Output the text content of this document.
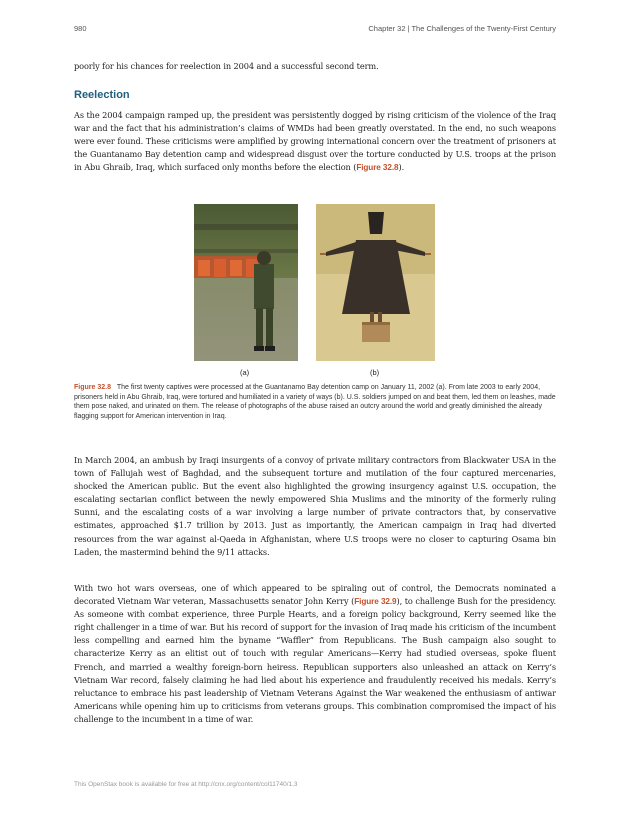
980	Chapter 32 | The Challenges of the Twenty-First Century

poorly for his chances for reelection in 2004 and a successful second term.

Reelection

As the 2004 campaign ramped up, the president was persistently dogged by rising criticism of the violence of the Iraq war and the fact that his administration’s claims of WMDs had been greatly overstated. In the end, no such weapons were ever found. These criticisms were amplified by growing international concern over the treatment of prisoners at the Guantanamo Bay detention camp and widespread disgust over the torture conducted by U.S. troops at the prison in Abu Ghraib, Iraq, which surfaced only months before the election (Figure 32.8).

(a)	(b)

Figure 32.8 The first twenty captives were processed at the Guantanamo Bay detention camp on January 11, 2002 (a). From late 2003 to early 2004, prisoners held in Abu Ghraib, Iraq, were tortured and humiliated in a variety of ways (b). U.S. soldiers jumped on and beat them, led them on leashes, made them pose naked, and urinated on them. The release of photographs of the abuse raised an outcry around the world and greatly diminished the already flagging support for American intervention in Iraq.

In March 2004, an ambush by Iraqi insurgents of a convoy of private military contractors from Blackwater USA in the town of Fallujah west of Baghdad, and the subsequent torture and mutilation of the four captured mercenaries, shocked the American public. But the event also highlighted the growing insurgency against U.S. occupation, the escalating sectarian conflict between the newly empowered Shia Muslims and the minority of the formerly ruling Sunni, and the escalating costs of a war involving a large number of private contractors that, by conservative estimates, approached $1.7 trillion by 2013. Just as importantly, the American campaign in Iraq had diverted resources from the war against al-Qaeda in Afghanistan, where U.S troops were no closer to capturing Osama bin Laden, the mastermind behind the 9/11 attacks.

With two hot wars overseas, one of which appeared to be spiraling out of control, the Democrats nominated a decorated Vietnam War veteran, Massachusetts senator John Kerry (Figure 32.9), to challenge Bush for the presidency. As someone with combat experience, three Purple Hearts, and a foreign policy background, Kerry seemed like the right challenger in a time of war. But his record of support for the invasion of Iraq made his criticism of the incumbent less compelling and earned him the byname “Waffler” from Republicans. The Bush campaign also sought to characterize Kerry as an elitist out of touch with regular Americans—Kerry had studied overseas, spoke fluent French, and married a wealthy foreign-born heiress. Republican supporters also unleashed an attack on Kerry’s Vietnam War record, falsely claiming he had lied about his experience and fraudulently received his medals. Kerry’s reluctance to embrace his past leadership of Vietnam Veterans Against the War weakened the enthusiasm of antiwar Americans while opening him up to criticisms from veterans groups. This combination compromised the impact of his challenge to the incumbent in a time of war.

This OpenStax book is available for free at http://cnx.org/content/col11740/1.3
